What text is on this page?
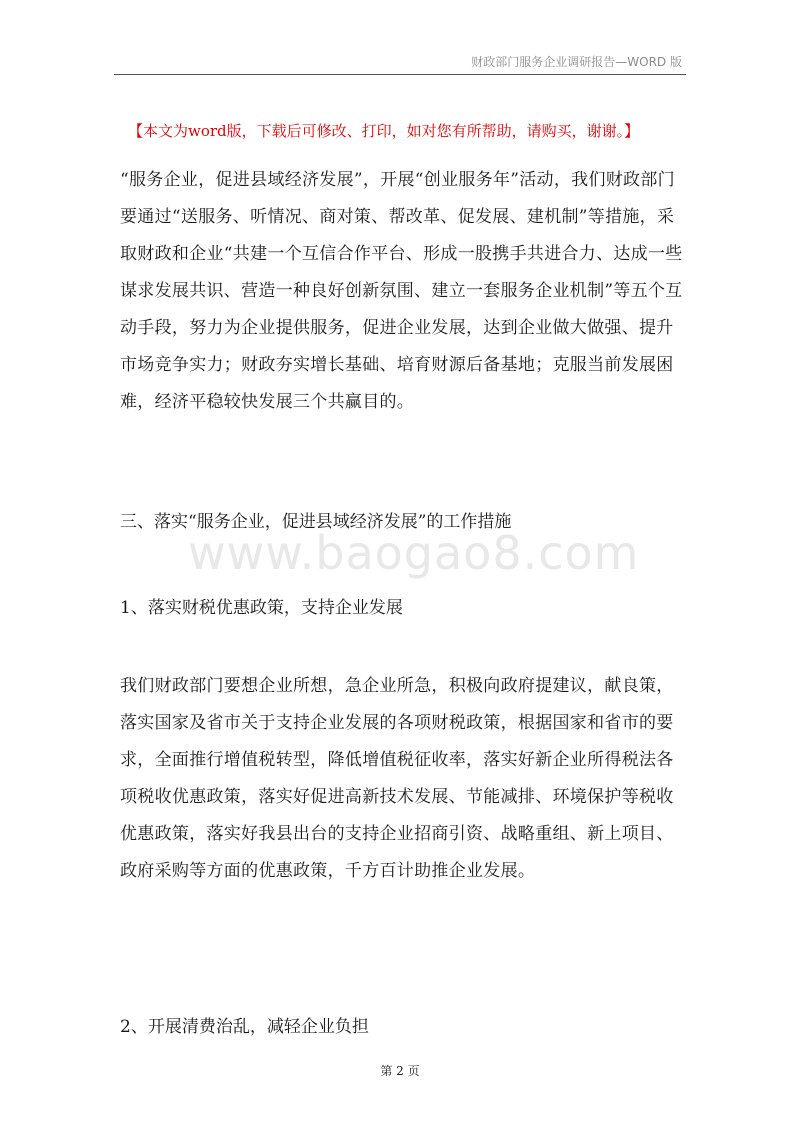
财政部门服务企业调研报告—WORD 版
【本文为word版，下载后可修改、打印，如对您有所帮助，请购买，谢谢。】

“服务企业，促进县域经济发展”，开展“创业服务年”活动，我们财政部门要通过“送服务、听情况、商对策、帮改革、促发展、建机制”等措施，采取财政和企业“共建一个互信合作平台、形成一股携手共进合力、达成一些谋求发展共识、营造一种良好创新氛围、建立一套服务企业机制”等五个互动手段，努力为企业提供服务，促进企业发展，达到企业做大做强、提升市场竞争实力；财政夯实增长基础、培育财源后备基地；克服当前发展困难，经济平稳较快发展三个共赢目的。

三、落实“服务企业，促进县域经济发展”的工作措施
www.baogao8.com
1、落实财税优惠政策，支持企业发展

我们财政部门要想企业所想，急企业所急，积极向政府提建议，献良策，落实国家及省市关于支持企业发展的各项财税政策，根据国家和省市的要求，全面推行增值税转型，降低增值税征收率，落实好新企业所得税法各项税收优惠政策，落实好促进高新技术发展、节能减排、环境保护等税收优惠政策，落实好我县出台的支持企业招商引资、战略重组、新上项目、政府采购等方面的优惠政策，千方百计助推企业发展。

2、开展清费治乱，减轻企业负担
第 2 页
